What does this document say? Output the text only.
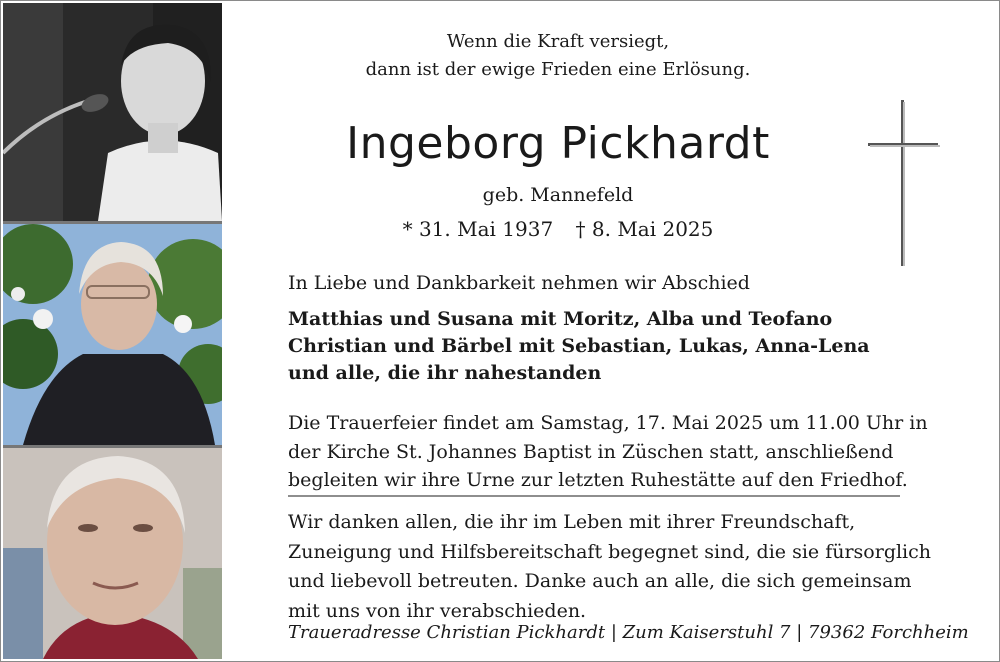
Wenn die Kraft versiegt,
dann ist der ewige Frieden eine Erlösung.
Ingeborg Pickhardt
geb. Mannefeld
* 31. Mai 1937 † 8. Mai 2025
In Liebe und Dankbarkeit nehmen wir Abschied
Matthias und Susana mit Moritz, Alba und Teofano
Christian und Bärbel mit Sebastian, Lukas, Anna-Lena
und alle, die ihr nahestanden
Die Trauerfeier findet am Samstag, 17. Mai 2025 um 11.00 Uhr in
der Kirche St. Johannes Baptist in Züschen statt, anschließend
begleiten wir ihre Urne zur letzten Ruhestätte auf den Friedhof.
Wir danken allen, die ihr im Leben mit ihrer Freundschaft,
Zuneigung und Hilfsbereitschaft begegnet sind, die sie fürsorglich
und liebevoll betreuten. Danke auch an alle, die sich gemeinsam
mit uns von ihr verabschieden.
Traueradresse Christian Pickhardt | Zum Kaiserstuhl 7 | 79362 Forchheim
